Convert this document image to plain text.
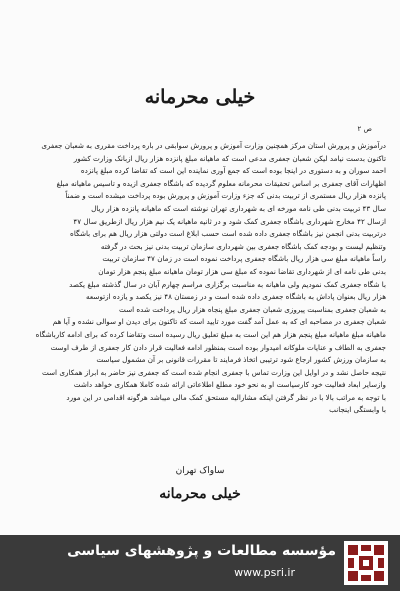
خیلی محرمانه
ص ۲
درآموزش و پرورش استان مرکز همچنین وزارت آموزش و پرورش سوابقی در باره پرداخت مقرری به شعبان جعفری
تاکنون بدست نیامد لیکن شعبان جعفری مدعی است که ماهیانه مبلغ پانزده هزار ریال ازبانک وزارت کشور
احمد سوران و به دستوری در اینجا بوده است که جمع آوری نماینده این است که تقاضا کرده مبلغ پانزده
اظهارات آقای جعفری بر اساس تحقیقات محرمانه معلوم گردیده که باشگاه جعفری ازیده و تاسیس ماهیانه مبلغ
پانزده هزار ریال مستمری از تربیت بدنی که جزء وزارت آموزش و پرورش بوده پرداخت میشده است و ضمناً
سال ۴۳ تربیت بدنی طی نامه مورخه ای به شهرداری تهران نوشته است که ماهیانه پانزده هزار ریال
ازسال ۴۲ مخارج شهرداری باشگاه جعفری کمک شود و در ثانیه ماهیانه یک نیم هزار ریال ازطریق سال ۴۷
درتربیت بدنی انجمن نیز باشگاه جعفری داده شده است حسب ابلاغ است دولتی هزار ریال هم برای باشگاه
وتنظیم لیست و بودجه کمک باشگاه جعفری بین شهرداری سازمان تربیت بدنی نیز بحث در گرفته
راساً ماهیانه مبلغ سی هزار ریال باشگاه جعفری پرداخت نموده است در زمان ۴۷ سازمان تربیت
بدنی طی نامه ای از شهرداری تقاضا نموده که مبلغ سی هزار تومان ماهیانه مبلغ پنجم هزار تومان
با شگاه جعفری کمک نمودیم ولی ماهیانه به مناسبت برگزاری مراسم چهارم آبان در سال گذشته مبلغ یکصد
هزار ریال بعنوان پاداش به باشگاه جعفری داده شده است و در زمستان ۴۸ نیز یکصد و یازده ازتوسعه
به شعبان جعفری بمناسبت پیروزی شعبان جعفری مبلغ پنجاه هزار ریال پرداخت شده است
شعبان جعفری در مصاحبه ای که به عمل آمد گفت مورد تایید است که تاکنون برای دیدن او سوالی نشده و آیا هم
ماهیانه مبلغ ماهیانه مبلغ پنجم هزار هم این است به مبلغ تعلیق ریال رسیده است وتقاضا کرده که برای ادامه کارباشگاه
جعفری به الطاف و عنایات ملوکانه امیدوار بوده است بمنظور ادامه فعالیت قرار دادن کار جعفری از طرف اوست
به سازمان ورزش کشور ارجاع شود ترتیبی اتخاذ فرمایند تا مقررات قانونی بر آن مشمول سیاست
نتیجه حاصل نشد و در اوایل این وزارت تماس با جعفری انجام شده است که جعفری نیز حاضر به ابراز همکاری است
وازسایر ابعاد فعالیت خود کارسیاست او به نحو خود مطلع اطلاعاتی ارائه شده کاملا همکاری خواهد داشت
با توجه به مراتب بالا با در نظر گرفتن اینکه مشارالیه مستحق کمک مالی میباشد هرگونه اقدامی در این مورد
با وابستگی اینجانب
ساواک تهران
خیلی محرمانه
مؤسسه مطالعات و پژوهشهای سیاسی
www.psri.ir
